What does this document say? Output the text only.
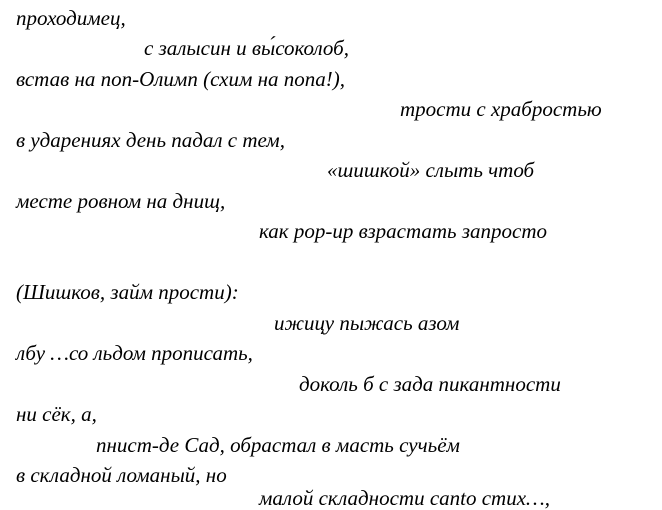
проходимец,
с залысин и вы́соколоб,
встав на поп-Олимп (схим на попа!),
трости с храбростью
в ударениях день падал с тем,
«шишкой» слыть чтоб
месте ровном на днищ,
как рор-ир взрастать запросто
(Шишков, займ прости):
ижицу пыжась азом
лбу …со льдом прописать,
доколь б с зада пикантности
ни сёк, а,
пнист-де Сад, обрастал в масть сучьём
в складной ломаный, но
малой складности canto стих…,
